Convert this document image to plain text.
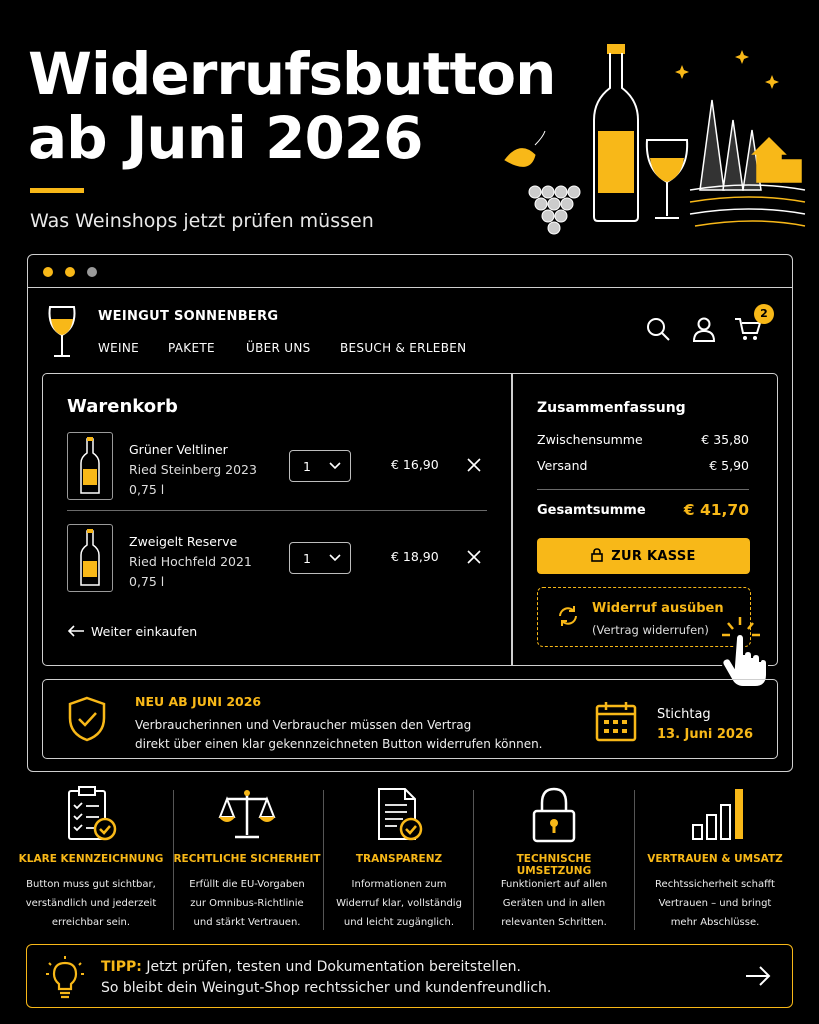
Widerrufsbutton
ab Juni 2026
Was Weinshops jetzt prüfen müssen
WEINGUT SONNENBERG
WEINE PAKETE	ÜBER UNS BESUCH & ERLEBEN
2
Warenkorb
Grüner Veltliner
Ried Steinberg 2023
0,75 l
1	€ 16,90
Zweigelt Reserve
Ried Hochfeld 2021
0,75 l
1	€ 18,90
Weiter einkaufen
Zusammenfassung
Zwischensumme	€ 35,80
Versand	€ 5,90
Gesamtsumme € 41,70
ZUR KASSE
Widerruf ausüben
(Vertrag widerrufen)
NEU AB JUNI 2026
Verbraucherinnen und Verbraucher müssen den Vertrag
direkt über einen klar gekennzeichneten Button widerrufen können.
Stichtag
13. Juni 2026
KLARE KENNZEICHNUNG
Button muss gut sichtbar,
verständlich und jederzeit
erreichbar sein.
RECHTLICHE SICHERHEIT
Erfüllt die EU-Vorgaben
zur Omnibus-Richtlinie
und stärkt Vertrauen.
TRANSPARENZ
Informationen zum
Widerruf klar, vollständig
und leicht zugänglich.
TECHNISCHE UMSETZUNG
Funktioniert auf allen
Geräten und in allen
relevanten Schritten.
VERTRAUEN & UMSATZ
Rechtssicherheit schafft
Vertrauen – und bringt
mehr Abschlüsse.
TIPP: Jetzt prüfen, testen und Dokumentation bereitstellen.
So bleibt dein Weingut-Shop rechtssicher und kundenfreundlich.
